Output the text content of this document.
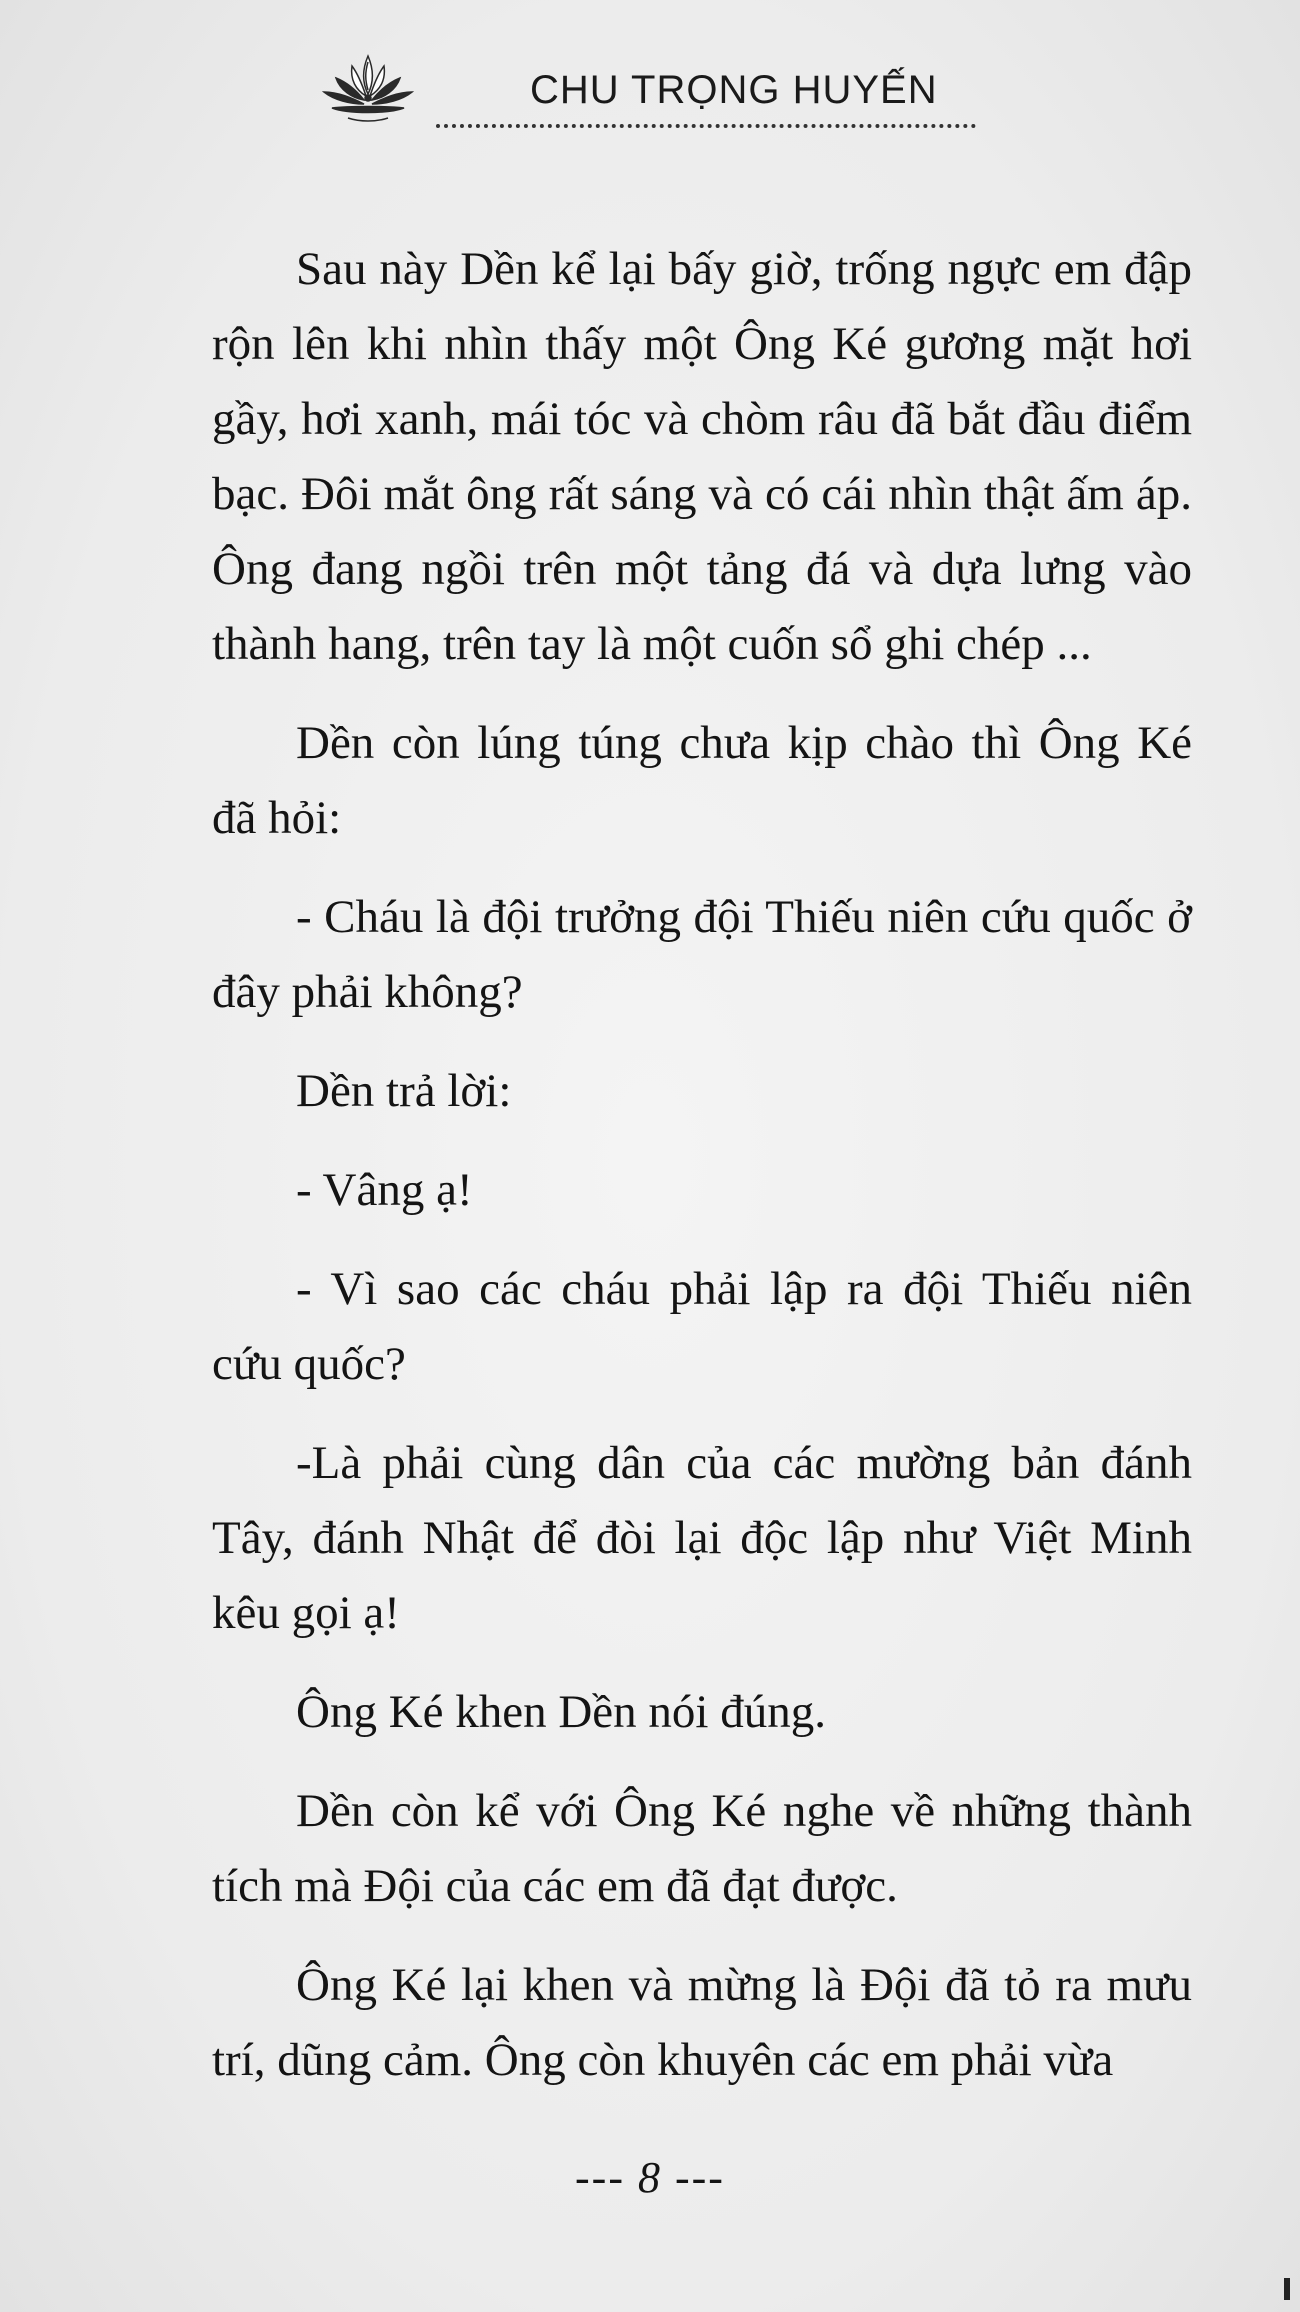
CHU TRỌNG HUYẾN

Sau này Dền kể lại bấy giờ, trống ngực em đập rộn lên khi nhìn thấy một Ông Ké gương mặt hơi gầy, hơi xanh, mái tóc và chòm râu đã bắt đầu điểm bạc. Đôi mắt ông rất sáng và có cái nhìn thật ấm áp. Ông đang ngồi trên một tảng đá và dựa lưng vào thành hang, trên tay là một cuốn sổ ghi chép ...

Dền còn lúng túng chưa kịp chào thì Ông Ké đã hỏi:

- Cháu là đội trưởng đội Thiếu niên cứu quốc ở đây phải không?

Dền trả lời:

- Vâng ạ!

- Vì sao các cháu phải lập ra đội Thiếu niên cứu quốc?

-Là phải cùng dân của các mường bản đánh Tây, đánh Nhật để đòi lại độc lập như Việt Minh kêu gọi ạ!

Ông Ké khen Dền nói đúng.

Dền còn kể với Ông Ké nghe về những thành tích mà Đội của các em đã đạt được.

Ông Ké lại khen và mừng là Đội đã tỏ ra mưu trí, dũng cảm. Ông còn khuyên các em phải vừa

--- 8 ---
